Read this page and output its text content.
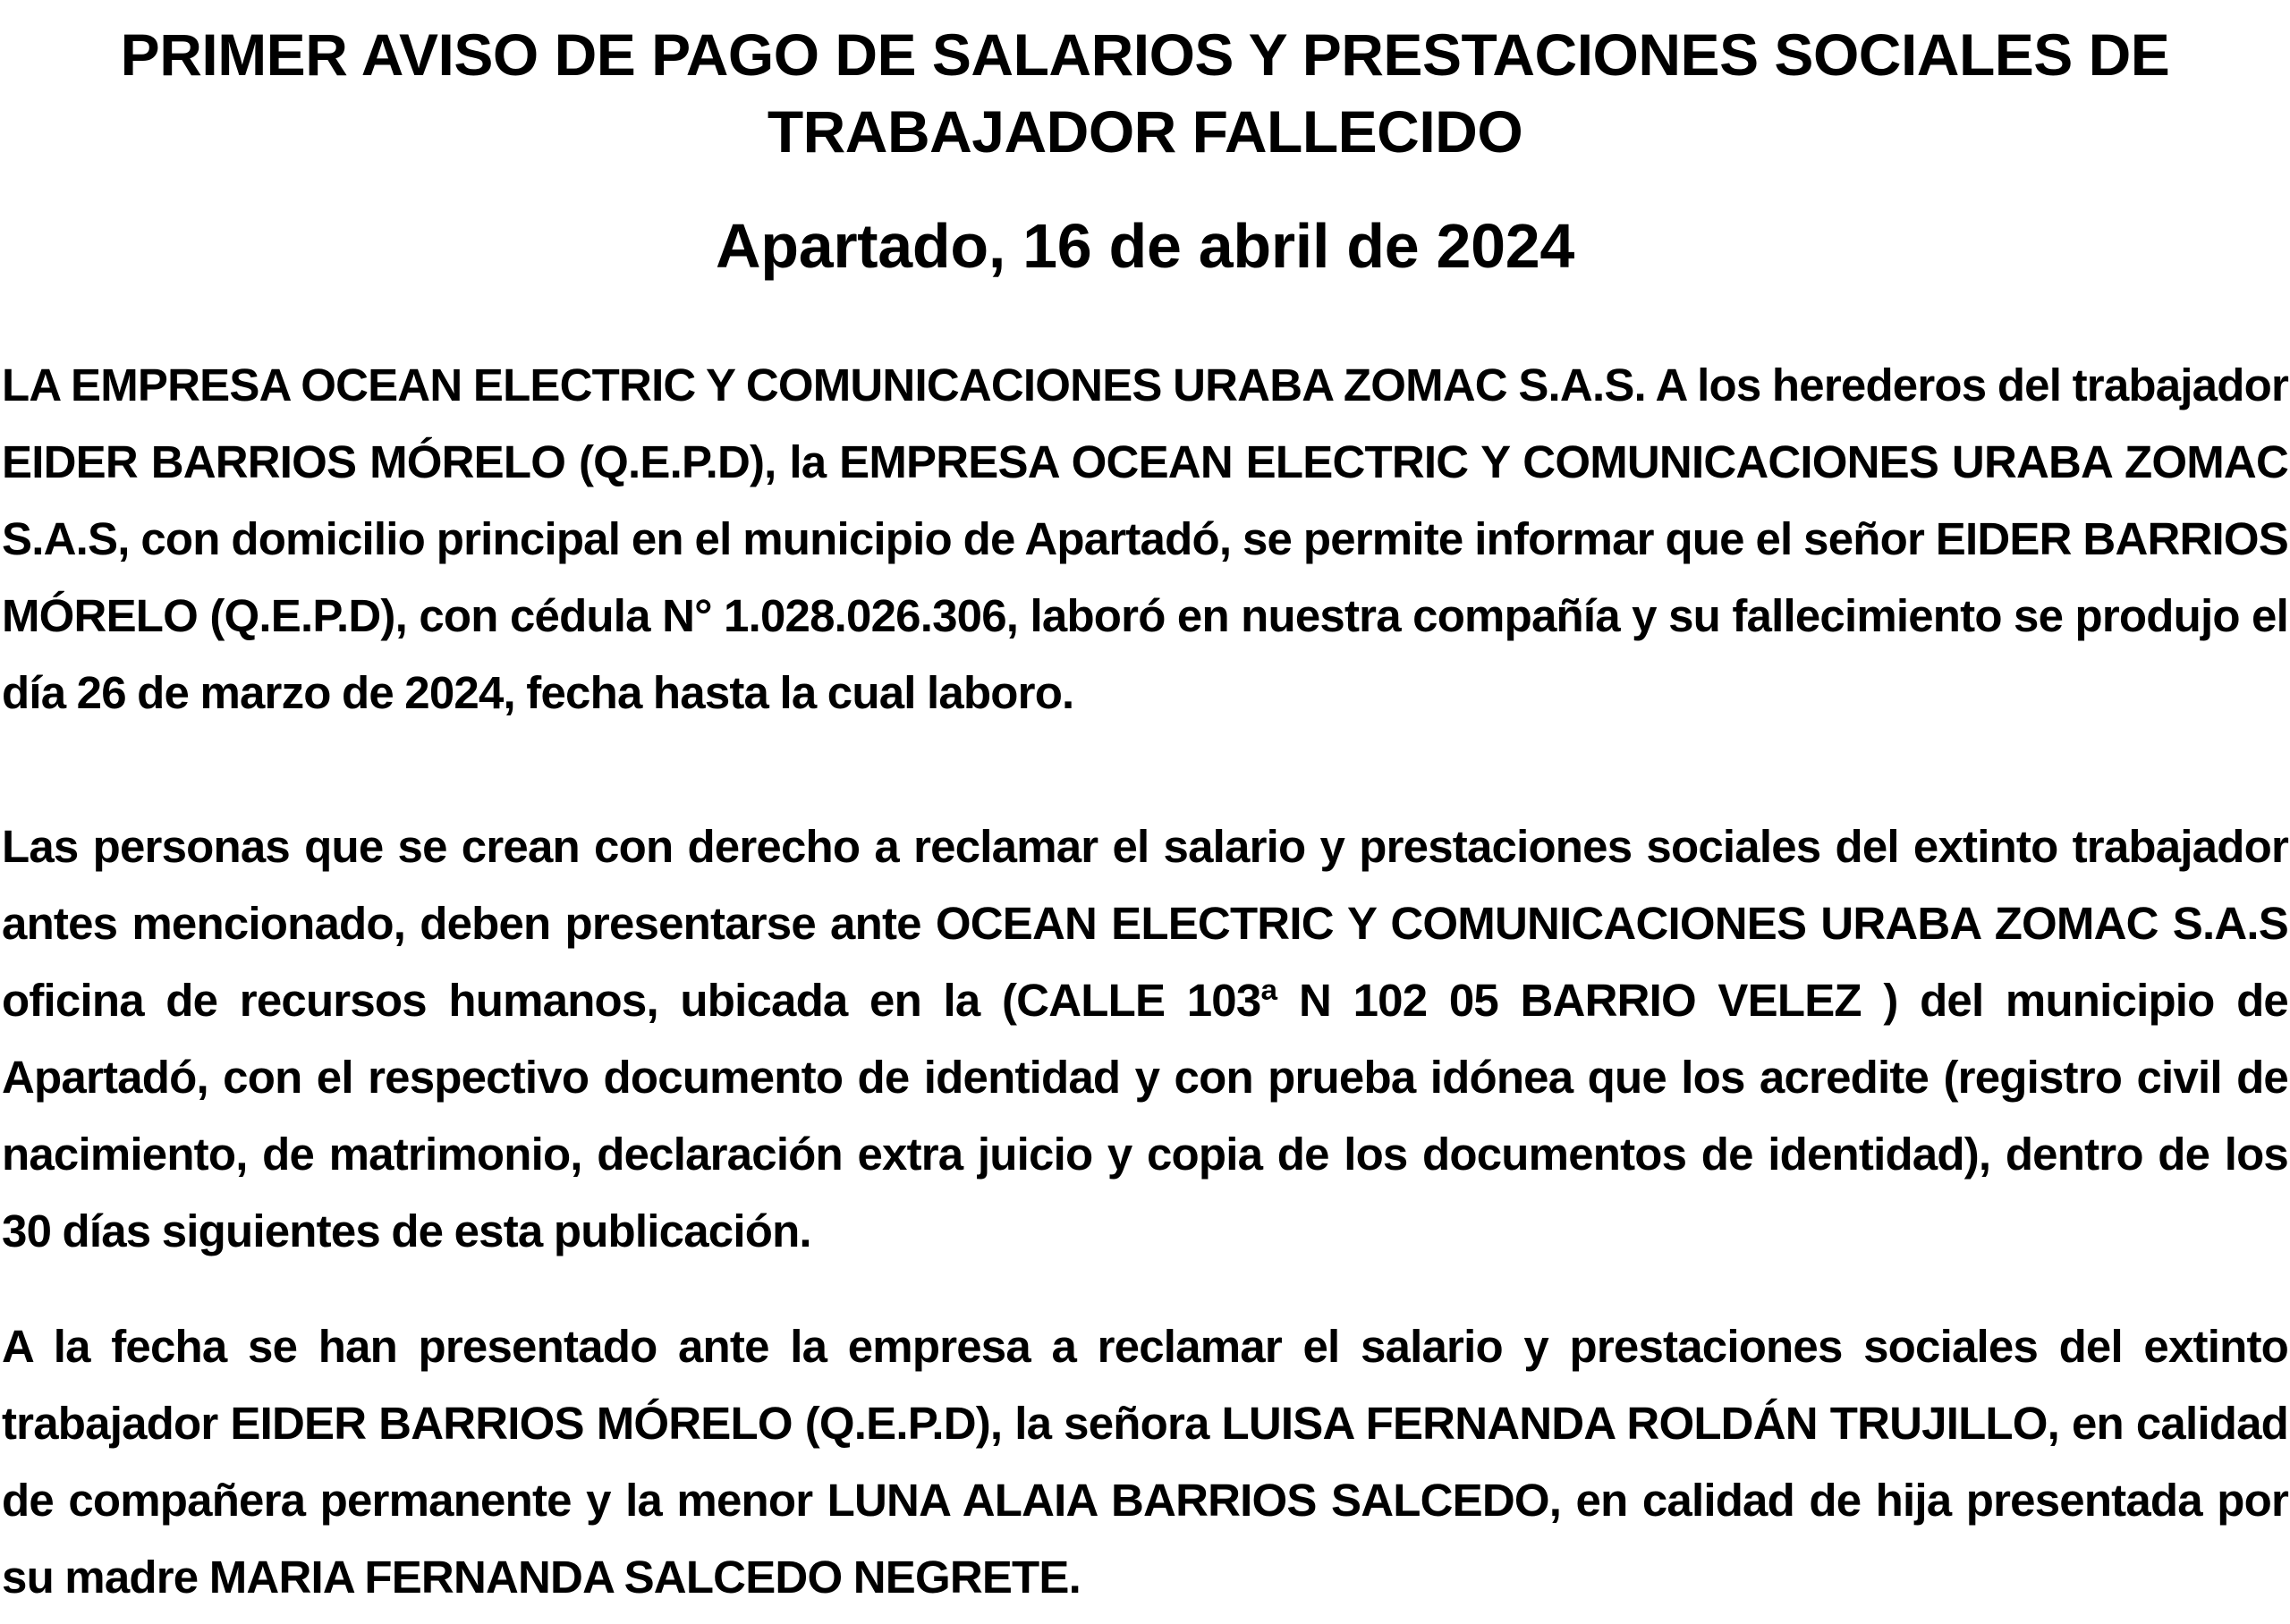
PRIMER AVISO DE PAGO DE SALARIOS Y PRESTACIONES SOCIALES DE TRABAJADOR FALLECIDO
Apartado, 16 de abril de 2024

LA EMPRESA OCEAN ELECTRIC Y COMUNICACIONES URABA ZOMAC S.A.S. A los herederos del trabajador EIDER BARRIOS MÓRELO (Q.E.P.D), la EMPRESA OCEAN ELECTRIC Y COMUNICACIONES URABA ZOMAC S.A.S, con domicilio principal en el municipio de Apartadó, se permite informar que el señor EIDER BARRIOS MÓRELO (Q.E.P.D), con cédula N° 1.028.026.306, laboró en nuestra compañía y su fallecimiento se produjo el día 26 de marzo de 2024, fecha hasta la cual laboro.

Las personas que se crean con derecho a reclamar el salario y prestaciones sociales del extinto trabajador antes mencionado, deben presentarse ante OCEAN ELECTRIC Y COMUNICACIONES URABA ZOMAC S.A.S oficina de recursos humanos, ubicada en la (CALLE 103ª N 102 05 BARRIO VELEZ ) del municipio de Apartadó, con el respectivo documento de identidad y con prueba idónea que los acredite (registro civil de nacimiento, de matrimonio, declaración extra juicio y copia de los documentos de identidad), dentro de los 30 días siguientes de esta publicación.

A la fecha se han presentado ante la empresa a reclamar el salario y prestaciones sociales del extinto trabajador EIDER BARRIOS MÓRELO (Q.E.P.D), la señora LUISA FERNANDA ROLDÁN TRUJILLO, en calidad de compañera permanente y la menor LUNA ALAIA BARRIOS SALCEDO, en calidad de hija presentada por su madre MARIA FERNANDA SALCEDO NEGRETE.
